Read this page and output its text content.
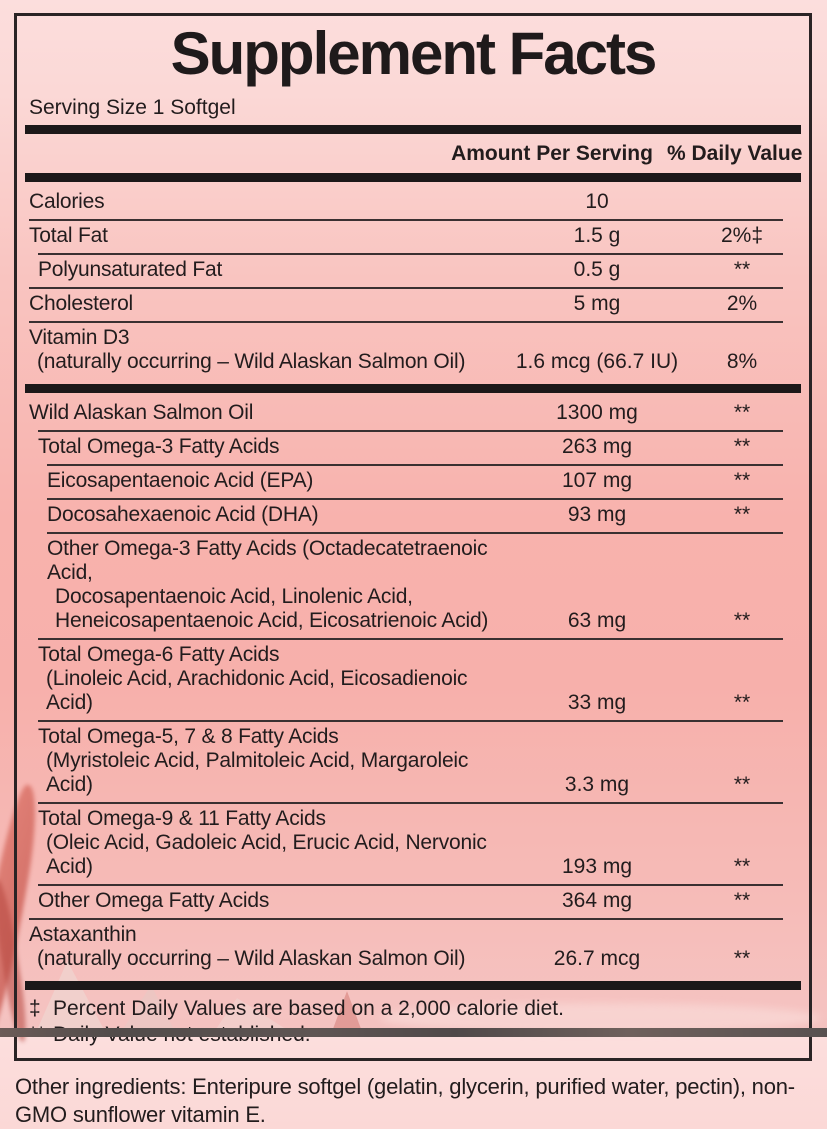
Supplement Facts
Serving Size 1 Softgel
Amount Per Serving % Daily Value
Calories	10
Total Fat	1.5 g	2%‡
Polyunsaturated Fat	0.5 g	**
Cholesterol	5 mg	2%
Vitamin D3
(naturally occurring – Wild Alaskan Salmon Oil)	1.6 mcg (66.7 IU)	8%
Wild Alaskan Salmon Oil	1300 mg	**
Total Omega-3 Fatty Acids	263 mg	**
Eicosapentaenoic Acid (EPA)	107 mg	**
Docosahexaenoic Acid (DHA)	93 mg	**
Other Omega-3 Fatty Acids (Octadecatetraenoic Acid,
Docosapentaenoic Acid, Linolenic Acid,
Heneicosapentaenoic Acid, Eicosatrienoic Acid)	63 mg	**
Total Omega-6 Fatty Acids
(Linoleic Acid, Arachidonic Acid, Eicosadienoic Acid)	33 mg	**
Total Omega-5, 7 & 8 Fatty Acids
(Myristoleic Acid, Palmitoleic Acid, Margaroleic Acid)	3.3 mg	**
Total Omega-9 & 11 Fatty Acids
(Oleic Acid, Gadoleic Acid, Erucic Acid, Nervonic Acid)	193 mg	**
Other Omega Fatty Acids	364 mg	**
Astaxanthin
(naturally occurring – Wild Alaskan Salmon Oil)	26.7 mcg	**
‡ Percent Daily Values are based on a 2,000 calorie diet.
Other ingredients: Enteripure softgel (gelatin, glycerin, purified water, pectin), non-GMO sunflower vitamin E.
